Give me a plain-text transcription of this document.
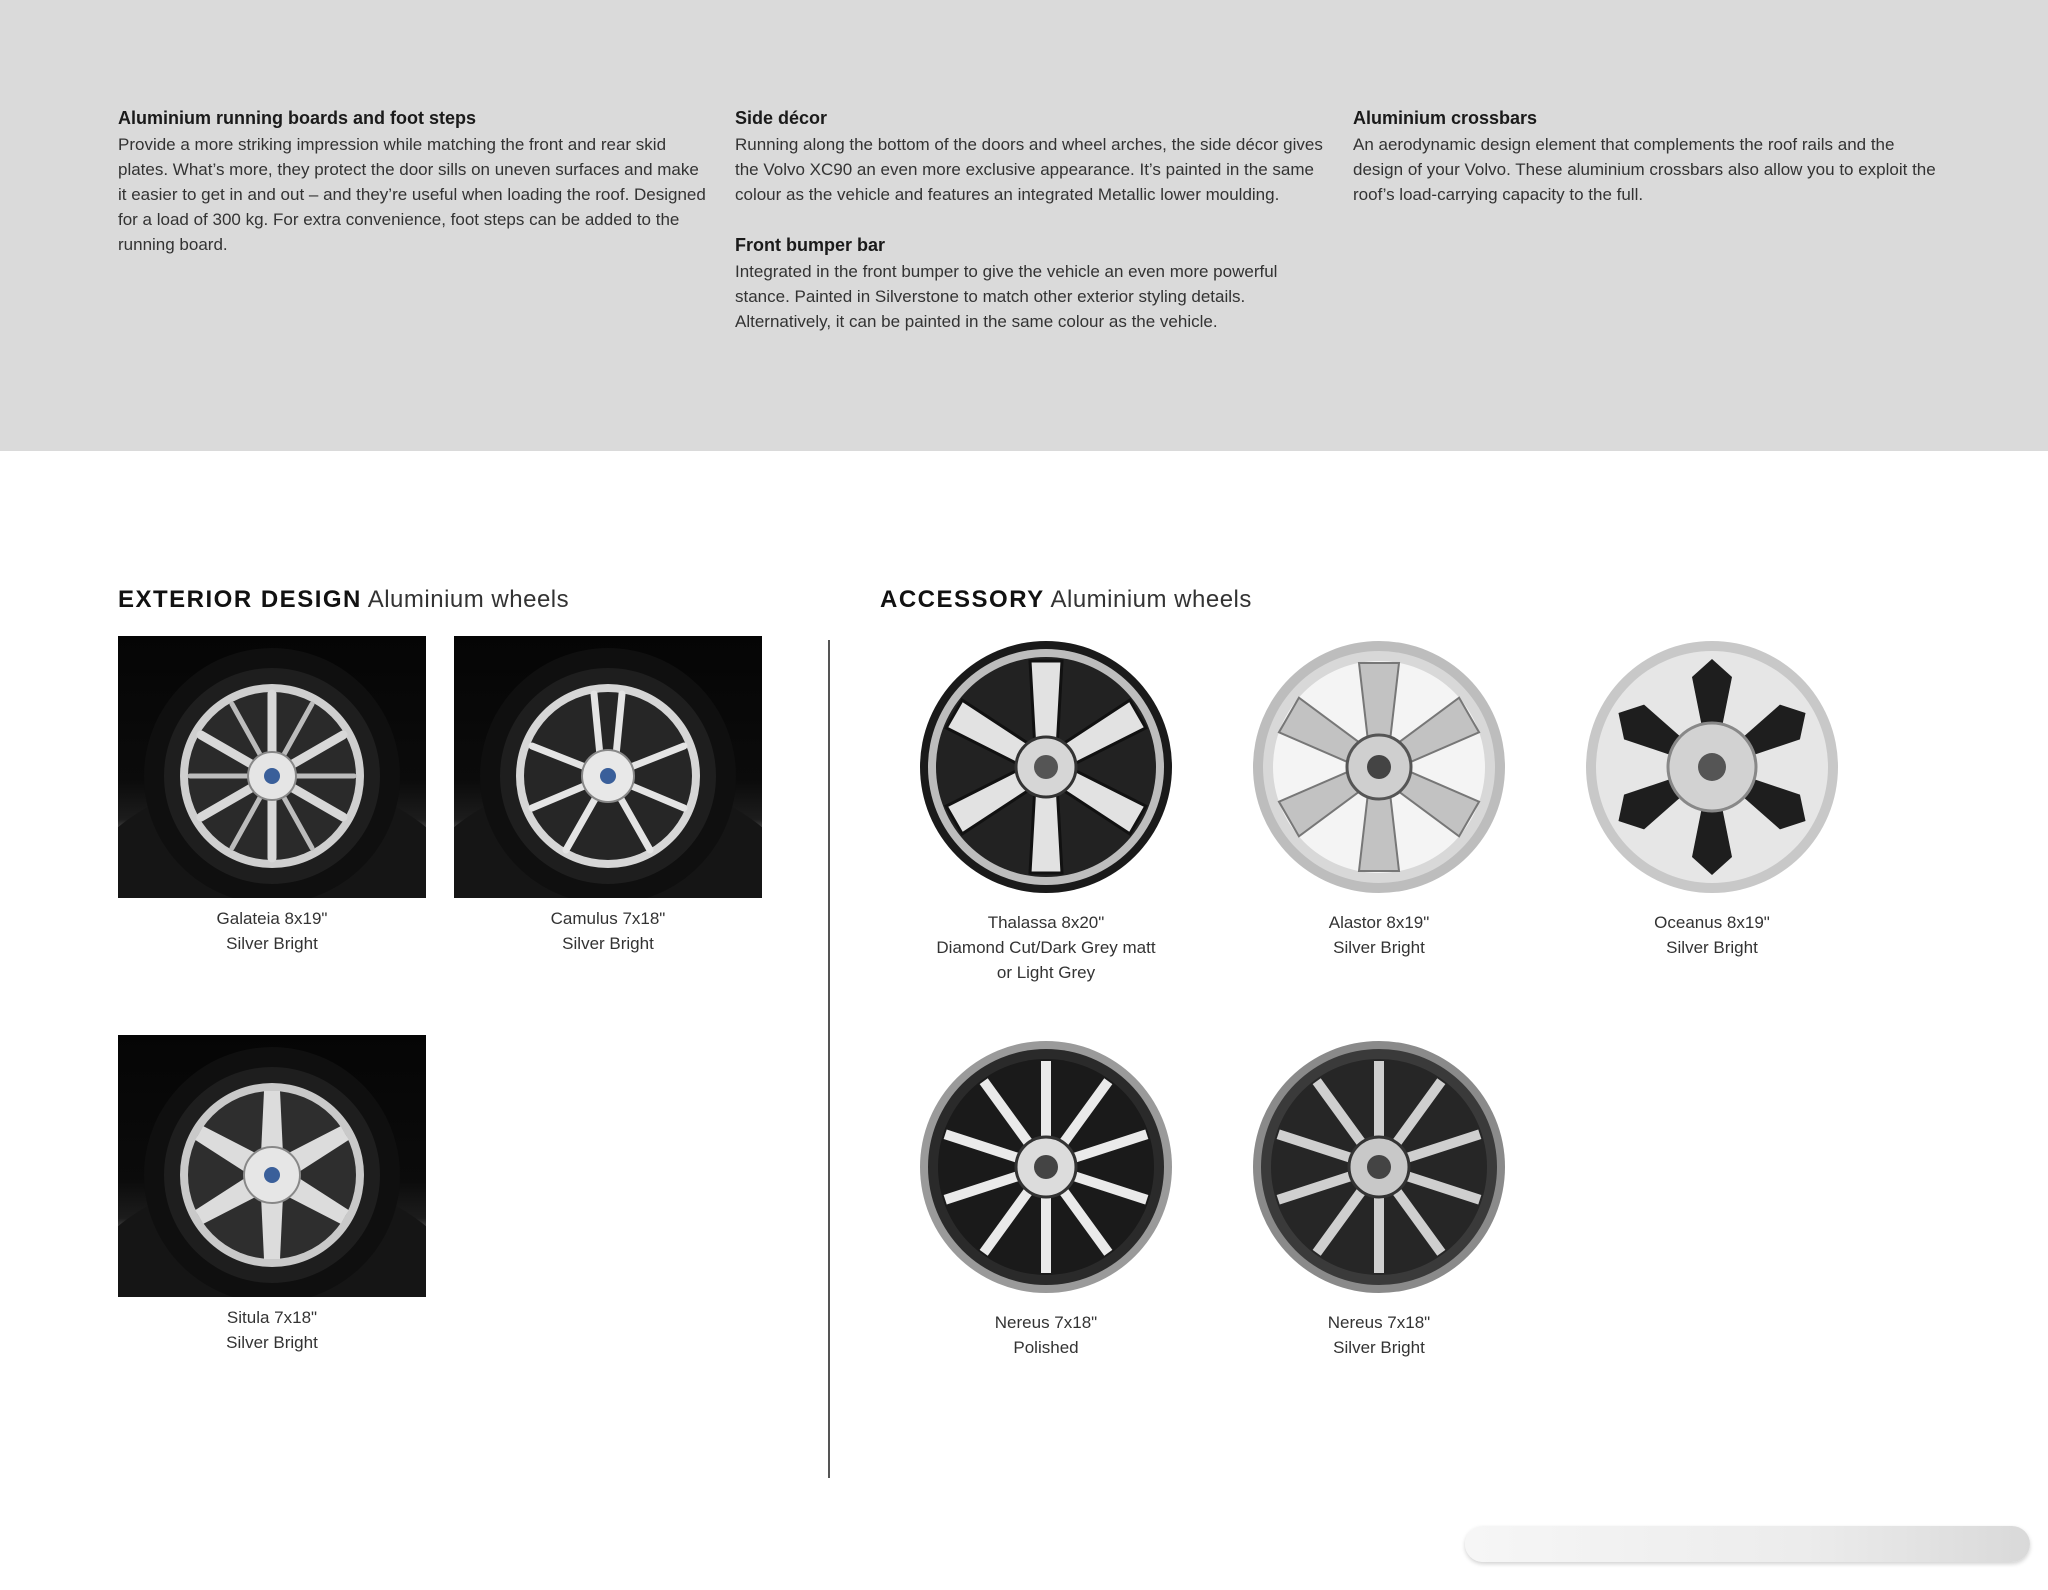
Aluminium running boards and foot steps

Provide a more striking impression while matching the front and rear skid plates. What’s more, they protect the door sills on uneven surfaces and make it easier to get in and out – and they’re useful when loading the roof. Designed for a load of 300 kg. For extra convenience, foot steps can be added to the running board.

Side décor

Running along the bottom of the doors and wheel arches, the side décor gives the Volvo XC90 an even more exclusive appearance. It’s painted in the same colour as the vehicle and features an integrated Metallic lower moulding.

Front bumper bar

Integrated in the front bumper to give the vehicle an even more powerful stance. Painted in Silverstone to match other exterior styling details. Alternatively, it can be painted in the same colour as the vehicle.

Aluminium crossbars

An aerodynamic design element that complements the roof rails and the design of your Volvo. These aluminium crossbars also allow you to exploit the roof’s load-carrying capacity to the full.

EXTERIOR DESIGN Aluminium wheels	ACCESSORY Aluminium wheels
Galateia 8x19"
Silver Bright
Camulus 7x18"
Silver Bright
Situla 7x18"
Silver Bright
Thalassa 8x20"
Diamond Cut/Dark Grey matt
or Light Grey
Alastor 8x19"
Silver Bright
Oceanus 8x19"
Silver Bright
Nereus 7x18"
Polished
Nereus 7x18"
Silver Bright
